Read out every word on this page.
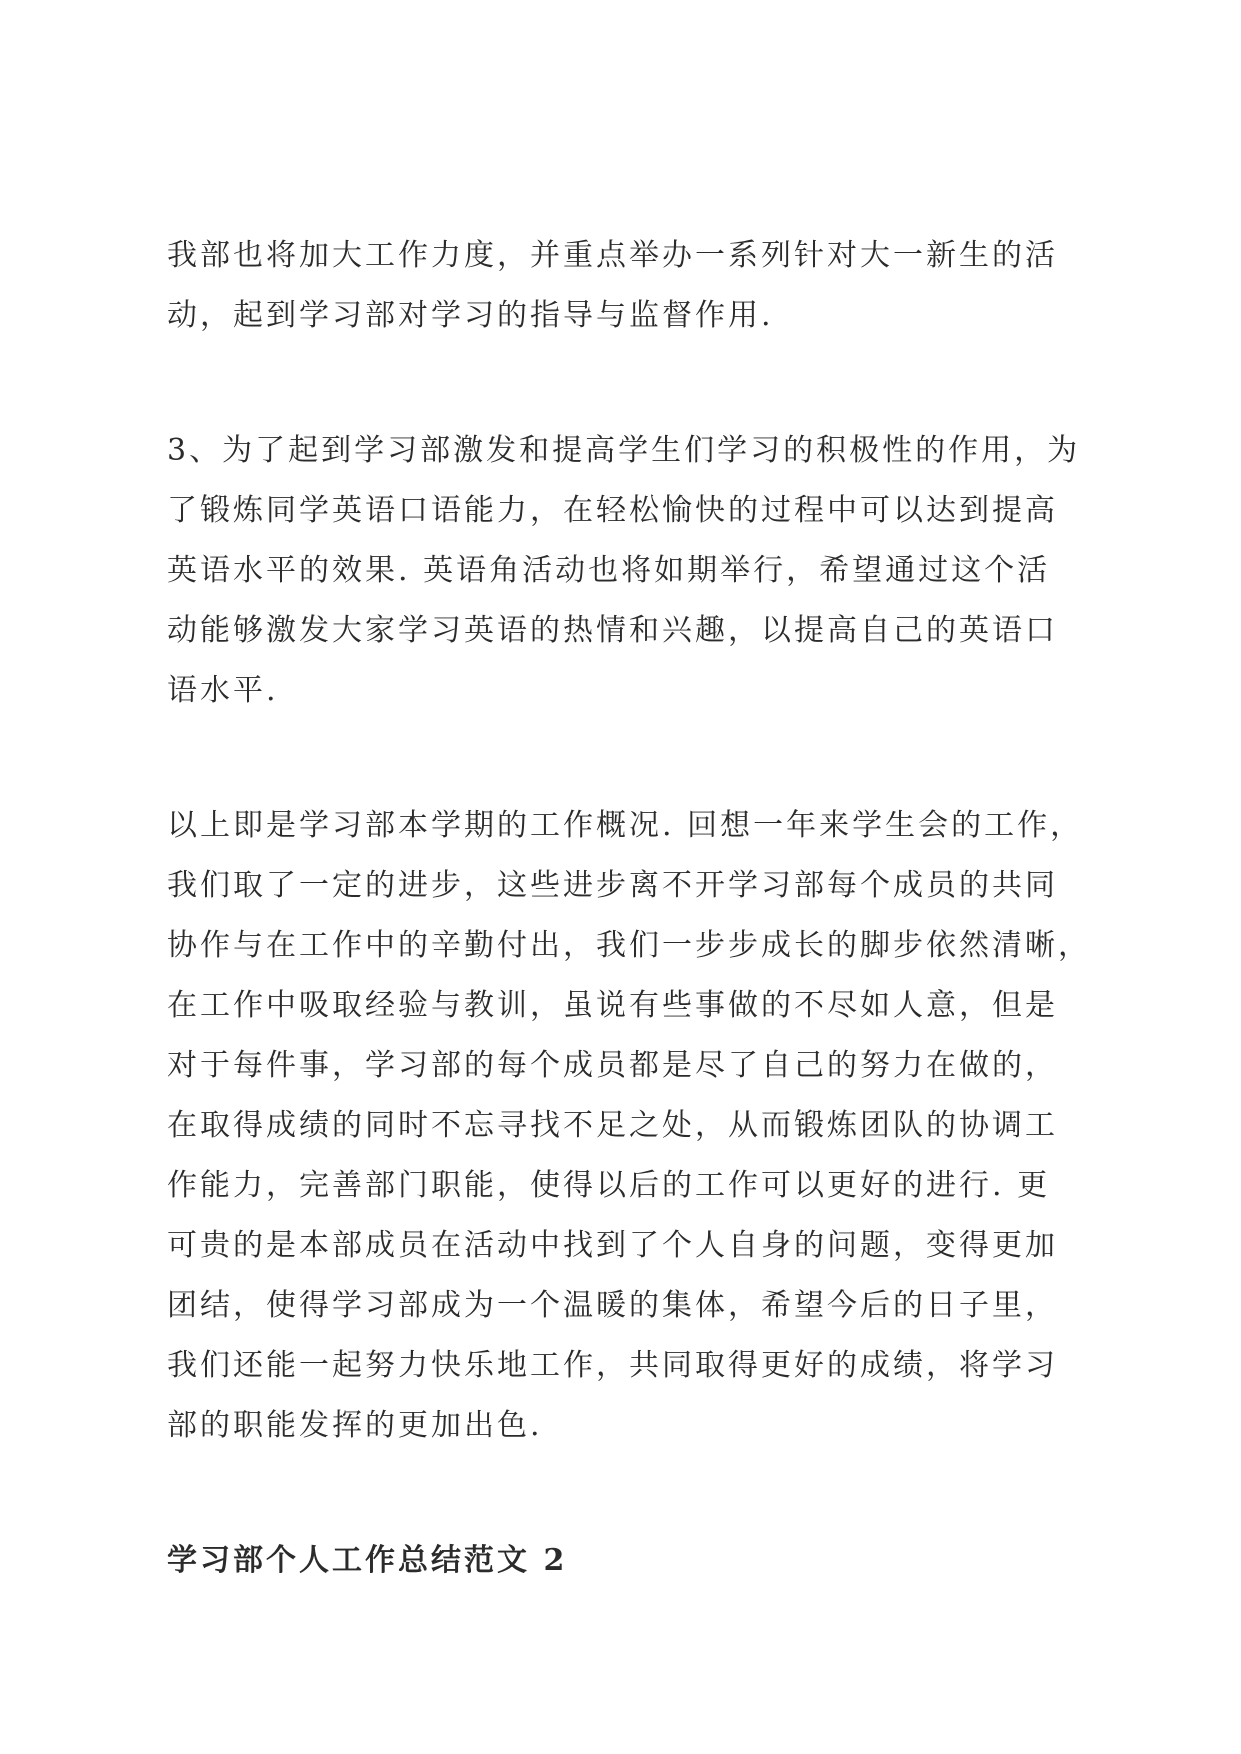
我部也将加大工作力度，并重点举办一系列针对大一新生的活
动，起到学习部对学习的指导与监督作用.

3、为了起到学习部激发和提高学生们学习的积极性的作用，为
了锻炼同学英语口语能力，在轻松愉快的过程中可以达到提高
英语水平的效果. 英语角活动也将如期举行，希望通过这个活
动能够激发大家学习英语的热情和兴趣，以提高自己的英语口
语水平.

以上即是学习部本学期的工作概况. 回想一年来学生会的工作，
我们取了一定的进步，这些进步离不开学习部每个成员的共同
协作与在工作中的辛勤付出，我们一步步成长的脚步依然清晰，
在工作中吸取经验与教训，虽说有些事做的不尽如人意，但是
对于每件事，学习部的每个成员都是尽了自己的努力在做的，
在取得成绩的同时不忘寻找不足之处，从而锻炼团队的协调工
作能力，完善部门职能，使得以后的工作可以更好的进行. 更
可贵的是本部成员在活动中找到了个人自身的问题，变得更加
团结，使得学习部成为一个温暖的集体，希望今后的日子里，
我们还能一起努力快乐地工作，共同取得更好的成绩，将学习
部的职能发挥的更加出色.

学习部个人工作总结范文 2
